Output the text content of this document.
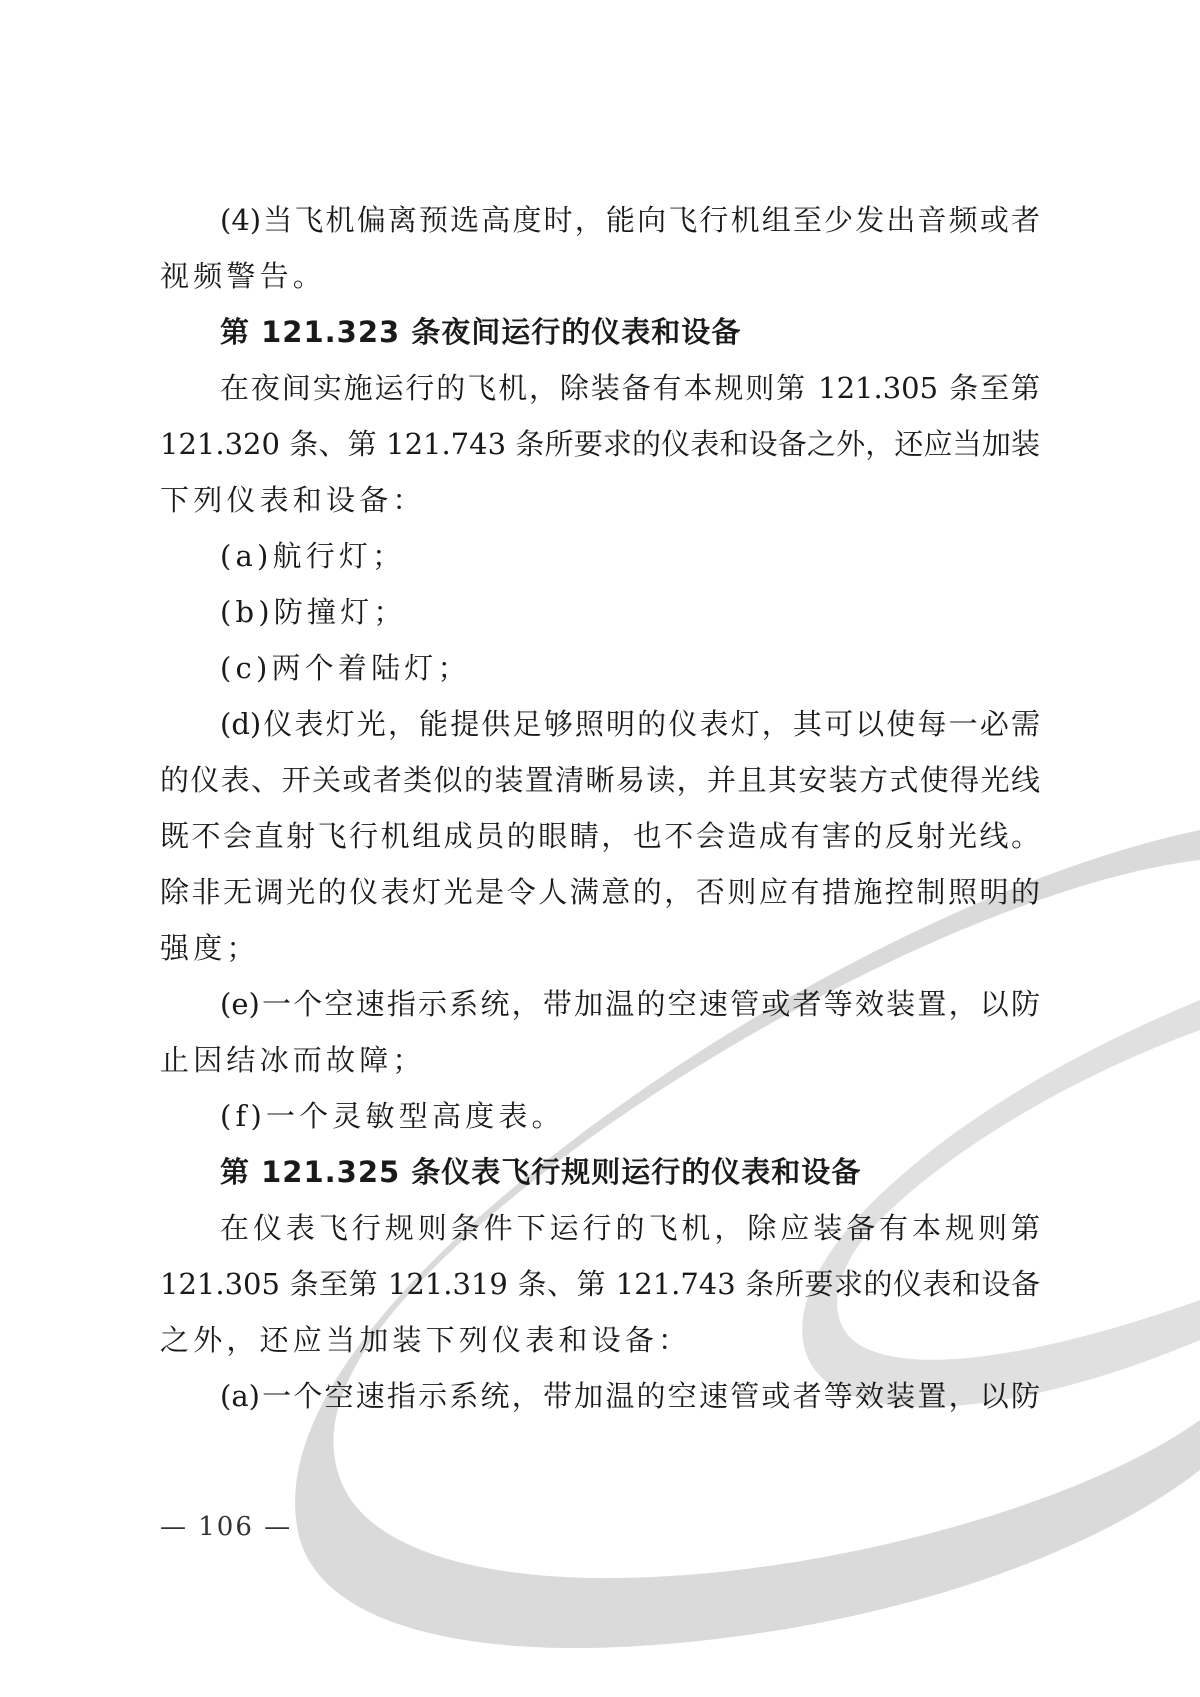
(4)当飞机偏离预选高度时，能向飞行机组至少发出音频或者
视频警告。
第 121.323 条夜间运行的仪表和设备
在夜间实施运行的飞机，除装备有本规则第 121.305 条至第
121.320 条、第 121.743 条所要求的仪表和设备之外，还应当加装
下列仪表和设备：
(a)航行灯；
(b)防撞灯；
(c)两个着陆灯；
(d)仪表灯光，能提供足够照明的仪表灯，其可以使每一必需
的仪表、开关或者类似的装置清晰易读，并且其安装方式使得光线
既不会直射飞行机组成员的眼睛，也不会造成有害的反射光线。
除非无调光的仪表灯光是令人满意的，否则应有措施控制照明的
强度；
(e)一个空速指示系统，带加温的空速管或者等效装置，以防
止因结冰而故障；
(f)一个灵敏型高度表。
第 121.325 条仪表飞行规则运行的仪表和设备
在仪表飞行规则条件下运行的飞机，除应装备有本规则第
121.305 条至第 121.319 条、第 121.743 条所要求的仪表和设备
之外，还应当加装下列仪表和设备：
(a)一个空速指示系统，带加温的空速管或者等效装置，以防
— 106 —
